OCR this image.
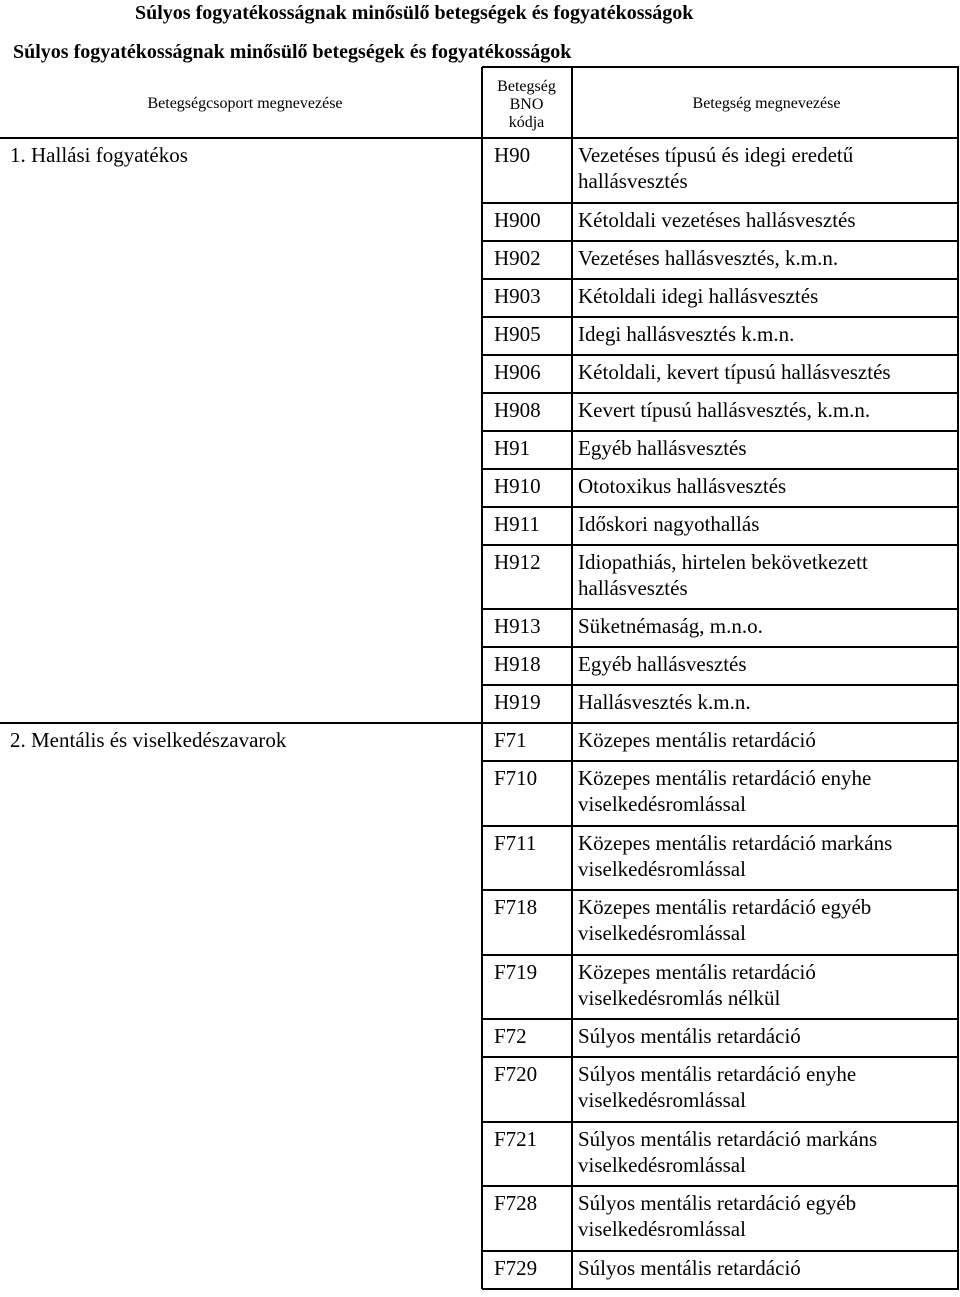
Súlyos fogyatékosságnak minősülő betegségek és fogyatékosságok
Súlyos fogyatékosságnak minősülő betegségek és fogyatékosságok
Betegségcsoport megnevezése
Betegség
BNO
kódja
Betegség megnevezése
1. Hallási fogyatékos	H90 Vezetéses típusú és idegi eredetű
hallásvesztés
H900 Kétoldali vezetéses hallásvesztés
H902 Vezetéses hallásvesztés, k.m.n.
H903 Kétoldali idegi hallásvesztés
H905 Idegi hallásvesztés k.m.n.
H906 Kétoldali, kevert típusú hallásvesztés
H908 Kevert típusú hallásvesztés, k.m.n.
H91 Egyéb hallásvesztés
H910 Ototoxikus hallásvesztés
H911 Időskori nagyothallás
H912 Idiopathiás, hirtelen bekövetkezett
hallásvesztés
H913 Süketnémaság, m.n.o.
H918 Egyéb hallásvesztés
H919 Hallásvesztés k.m.n.
2. Mentális és viselkedészavarok	F71 Közepes mentális retardáció
F710 Közepes mentális retardáció enyhe
viselkedésromlással
F711 Közepes mentális retardáció markáns
viselkedésromlással
F718 Közepes mentális retardáció egyéb
viselkedésromlással
F719 Közepes mentális retardáció
viselkedésromlás nélkül
F72 Súlyos mentális retardáció
F720 Súlyos mentális retardáció enyhe
viselkedésromlással
F721 Súlyos mentális retardáció markáns
viselkedésromlással
F728 Súlyos mentális retardáció egyéb
viselkedésromlással
F729 Súlyos mentális retardáció
